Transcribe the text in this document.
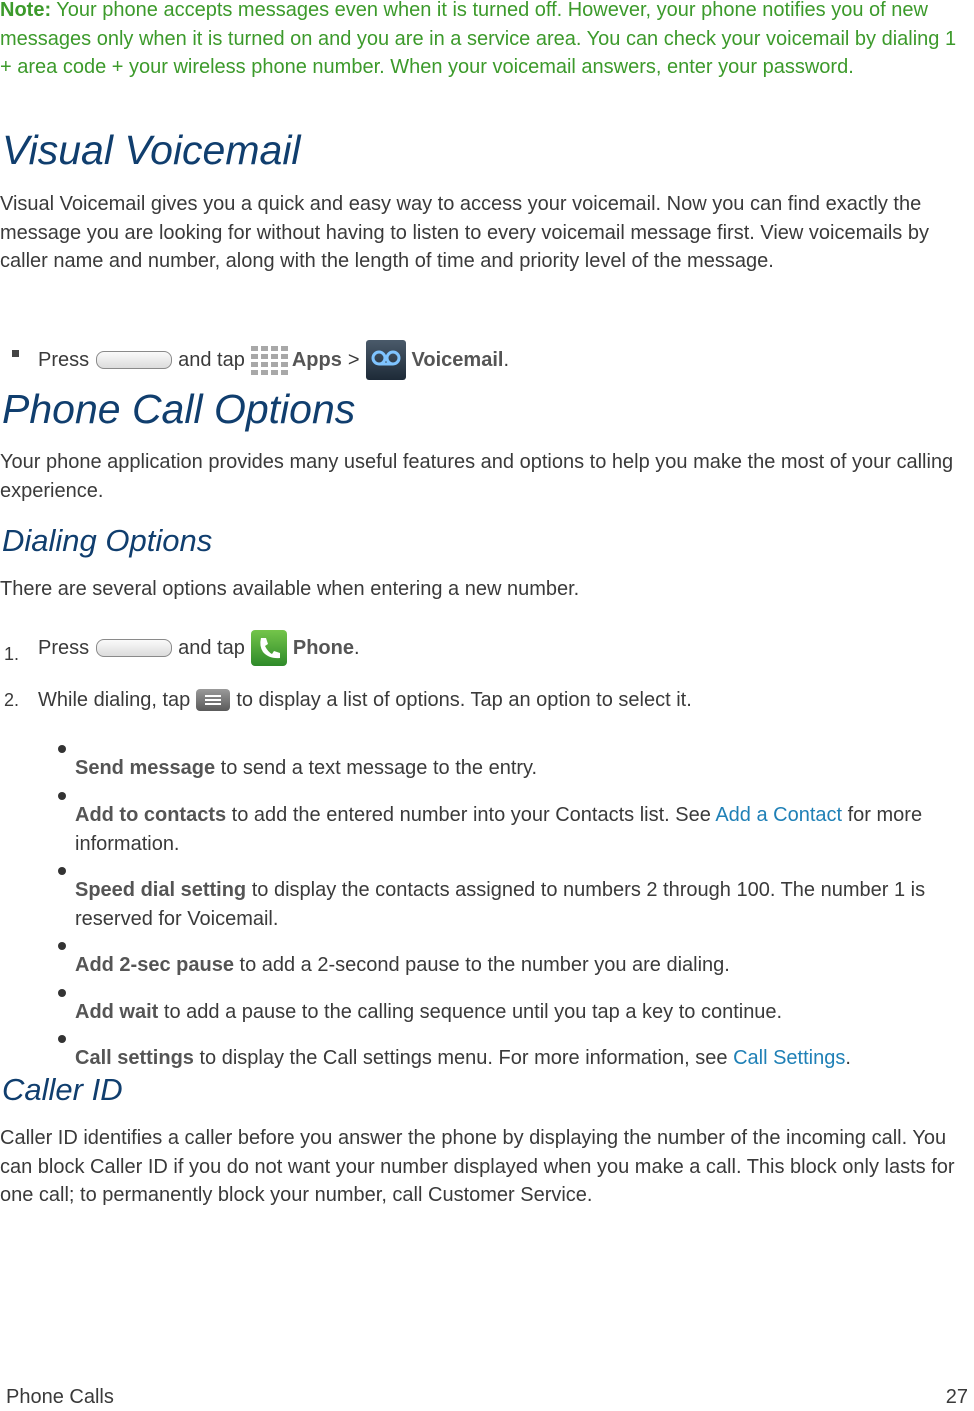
Note: Your phone accepts messages even when it is turned off. However, your phone notifies you of new messages only when it is turned on and you are in a service area. You can check your voicemail by dialing 1 + area code + your wireless phone number. When your voicemail answers, enter your password.

Visual Voicemail

Visual Voicemail gives you a quick and easy way to access your voicemail. Now you can find exactly the message you are looking for without having to listen to every voicemail message first. View voicemails by caller name and number, along with the length of time and priority level of the message.

Press	and tap Apps >	Voicemail .
Phone Call Options

Your phone application provides many useful features and options to help you make the most of your calling experience.

Dialing Options

There are several options available when entering a new number.

1. Press	and tap Phone .
2. While dialing, tap to display a list of options. Tap an option to select it.

Send message to send a text message to the entry.

Add to contacts to add the entered number into your Contacts list. See Add a Contact for more information.

Speed dial setting to display the contacts assigned to numbers 2 through 100. The number 1 is reserved for Voicemail.

Add 2-sec pause to add a 2-second pause to the number you are dialing.

Add wait to add a pause to the calling sequence until you tap a key to continue.

Call settings to display the Call settings menu. For more information, see Call Settings.

Caller ID

Caller ID identifies a caller before you answer the phone by displaying the number of the incoming call. You can block Caller ID if you do not want your number displayed when you make a call. This block only lasts for one call; to permanently block your number, call Customer Service.

Phone Calls	27
